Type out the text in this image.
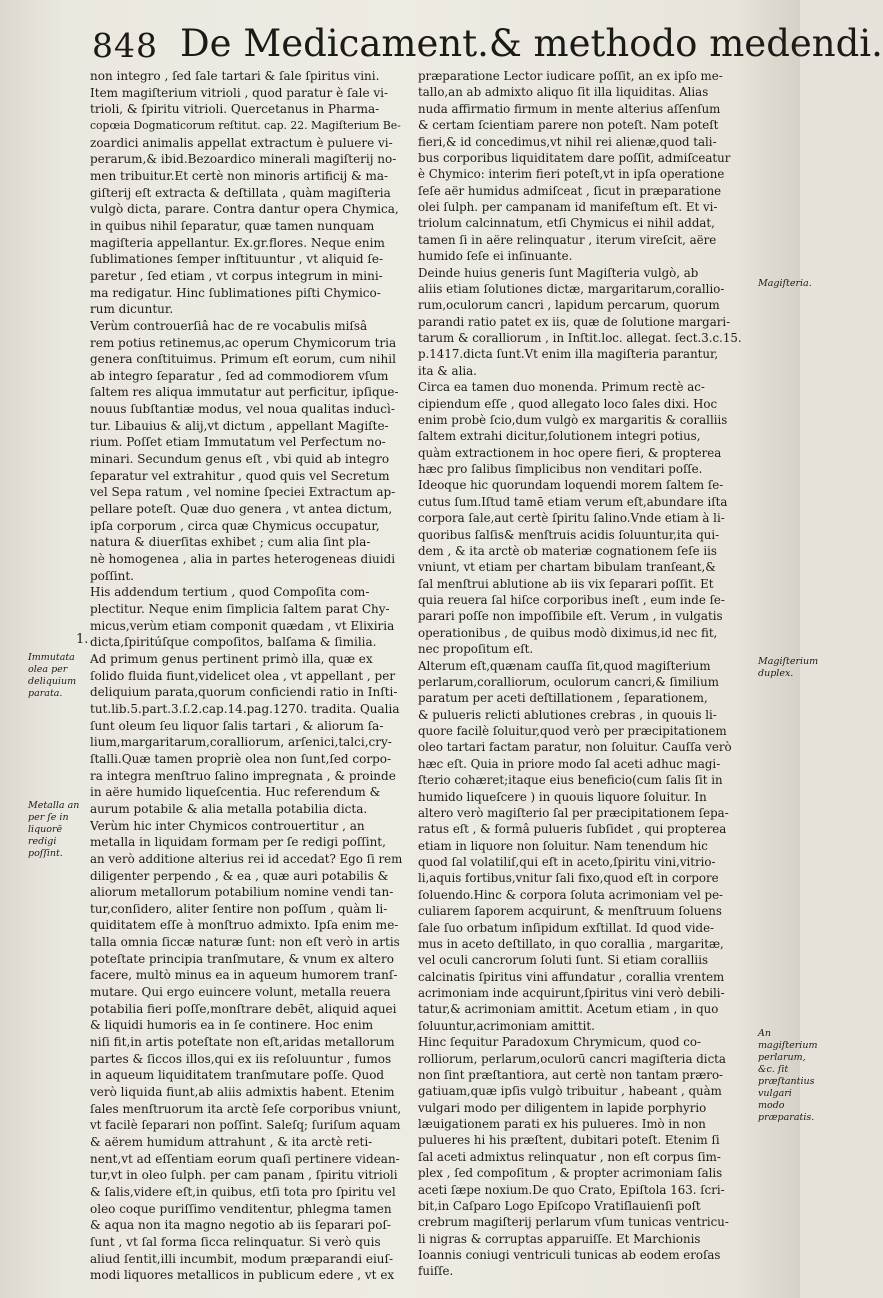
848 De Medicament.& methodo medendi.
non integro , ſed ſale tartari & ſale ſpiritus vini.
Item magiſterium vitrioli , quod paratur è ſale vi-
trioli, & ſpiritu vitrioli. Quercetanus in Pharma-
copœia Dogmaticorum reſtitut. cap. 22. Magiſterium Be-
zoardici animalis appellat extractum è puluere vi-
perarum,& ibid.Bezoardico minerali magiſterij no-
men tribuitur.Et certè non minoris artificij & ma-
giſterij eſt extracta & deſtillata , quàm magiſteria
vulgò dicta, parare. Contra dantur opera Chymica,
in quibus nihil ſeparatur, quæ tamen nunquam
magiſteria appellantur. Ex.gr.flores. Neque enim
ſublimationes ſemper inſtituuntur , vt aliquid ſe-
paretur , ſed etiam , vt corpus integrum in mini-
ma redigatur. Hinc ſublimationes piſti Chymico-
rum dicuntur.
Verùm controuerſiâ hac de re vocabulis miſsâ
rem potius retinemus,ac operum Chymicorum tria
genera conſtituimus. Primum eſt eorum, cum nihil
ab integro ſeparatur , ſed ad commodiorem vſum
ſaltem res aliqua immutatur aut perficitur, ipſique-
nouus ſubſtantiæ modus, vel noua qualitas inducì-
tur. Libauius & alij,vt dictum , appellant Magiſte-
rium. Poſſet etiam Immutatum vel Perfectum no-
minari. Secundum genus eſt , vbi quid ab integro
ſeparatur vel extrahitur , quod quis vel Secretum
vel Sepa ratum , vel nomine ſpeciei Extractum ap-
pellare poteſt. Quæ duo genera , vt antea dictum,
ipſa corporum , circa quæ Chymicus occupatur,
natura & diuerſitas exhibet ; cum alia ſint pla-
nè homogenea , alia in partes heterogeneas diuidi
poſſint.
His addendum tertium , quod Compoſita com-
plectitur. Neque enim ſimplicia ſaltem parat Chy-
micus,verùm etiam componit quædam , vt Elixiria
dicta,ſpiritúſque compoſitos, balſama & ſimilia.
Ad primum genus pertinent primò illa, quæ ex
ſolido fluida fiunt,videlicet olea , vt appellant , per
deliquium parata,quorum conficiendi ratio in Inſti-
tut.lib.5.part.3.ſ.2.cap.14.pag.1270. tradita. Qualia
ſunt oleum ſeu liquor ſalis tartari , & aliorum ſa-
lium,margaritarum,coralliorum, arſenici,talci,cry-
ſtalli.Quæ tamen propriè olea non ſunt,ſed corpo-
ra integra menſtruo ſalino impregnata , & proinde
in aëre humido liqueſcentia. Huc referendum &
aurum potabile & alia metalla potabilia dicta.
Verùm hic inter Chymicos controuertitur , an
metalla in liquidam formam per ſe redigi poſſint,
an verò additione alterius rei id accedat? Ego ſi rem
diligenter perpendo , & ea , quæ auri potabilis &
aliorum metallorum potabilium nomine vendi tan-
tur,conſidero, aliter ſentire non poſſum , quàm li-
quiditatem eſſe à monſtruo admixto. Ipſa enim me-
talla omnia ſiccæ naturæ ſunt: non eſt verò in artis
poteſtate principia tranſmutare, & vnum ex altero
facere, multò minus ea in aqueum humorem tranſ-
mutare. Qui ergo euincere volunt, metalla reuera
potabilia fieri poſſe,monſtrare debēt, aliquid aquei
& liquidi humoris ea in ſe continere. Hoc enim
niſi fit,in artis poteſtate non eſt,aridas metallorum
partes & ſiccos illos,qui ex iis reſoluuntur , fumos
in aqueum liquiditatem tranſmutare poſſe. Quod
verò liquida fiunt,ab aliis admixtis habent. Etenim
ſales menſtruorum ita arctè ſeſe corporibus vniunt,
vt facilè ſeparari non poſſint. Saleſq; ſuriſum aquam
& aërem humidum attrahunt , & ita arctè reti-
nent,vt ad eſſentiam eorum quaſi pertinere videan-
tur,vt in oleo ſulph. per cam panam , ſpiritu vitrioli
& ſalis,videre eſt,in quibus, etſi tota pro ſpiritu vel
oleo coque puriſſimo venditentur, phlegma tamen
& aqua non ita magno negotio ab iis ſeparari poſ-
ſunt , vt ſal forma ſicca relinquatur. Si verò quis
aliud ſentit,illi incumbit, modum præparandi eiuſ-
modi liquores metallicos in publicum edere , vt ex
præparatione Lector iudicare poſſit, an ex ipſo me-
tallo,an ab admixto aliquo ſit illa liquiditas. Alias
nuda affirmatio firmum in mente alterius aſſenſum
& certam ſcientiam parere non poteſt. Nam poteſt
fieri,& id concedimus,vt nihil rei alienæ,quod tali-
bus corporibus liquiditatem dare poſſit, admiſceatur
è Chymico: interim fieri poteſt,vt in ipſa operatione
ſeſe aër humidus admiſceat , ſicut in præparatione
olei ſulph. per campanam id manifeſtum eſt. Et vi-
triolum calcinnatum, etſi Chymicus ei nihil addat,
tamen ſi in aëre relinquatur , iterum vireſcit, aëre
humido ſeſe ei inſinuante.
Deinde huius generis ſunt Magiſteria vulgò, ab
aliis etiam ſolutiones dictæ, margaritarum,corallio-
rum,oculorum cancri , lapidum percarum, quorum
parandi ratio patet ex iis, quæ de ſolutione margari-
tarum & coralliorum , in Inſtit.loc. allegat. ſect.3.c.15.
p.1417.dicta ſunt.Vt enim illa magiſteria parantur,
ita & alia.
Circa ea tamen duo monenda. Primum rectè ac-
cipiendum eſſe , quod allegato loco ſales dixi. Hoc
enim probè ſcio,dum vulgò ex margaritis & coralliis
ſaltem extrahi dicitur,ſolutionem integri potius,
quàm extractionem in hoc opere fieri, & propterea
hæc pro ſalibus ſimplicibus non venditari poſſe.
Ideoque hic quorundam loquendi morem ſaltem ſe-
cutus ſum.Iſtud tamē etiam verum eſt,abundare iſta
corpora ſale,aut certè ſpiritu ſalino.Vnde etiam à li-
quoribus ſalſis& menſtruis acidis ſoluuntur,ita qui-
dem , & ita arctè ob materiæ cognationem ſeſe iis
vniunt, vt etiam per chartam bibulam tranſeant,&
ſal menſtrui ablutione ab iis vix ſeparari poſſit. Et
quia reuera ſal hiſce corporibus ineſt , eum inde ſe-
parari poſſe non impoſſibile eſt. Verum , in vulgatis
operationibus , de quibus modò diximus,id nec fit,
nec propoſitum eſt.
Alterum eſt,quænam cauſſa ſit,quod magiſterium
perlarum,coralliorum, oculorum cancri,& ſimilium
paratum per aceti deſtillationem , ſeparationem,
& pulueris relicti ablutiones crebras , in quouis li-
quore facilè ſoluitur,quod verò per præcipitationem
oleo tartari factam paratur, non ſoluitur. Cauſſa verò
hæc eſt. Quia in priore modo ſal aceti adhuc magi-
ſterio cohæret;itaque eius beneficio(cum ſalis ſit in
humido liqueſcere ) in quouis liquore ſoluitur. In
altero verò magiſterio ſal per præcipitationem ſepa-
ratus eſt , & formâ pulueris ſubſidet , qui propterea
etiam in liquore non ſoluitur. Nam tenendum hic
quod ſal volatiliſ,qui eſt in aceto,ſpiritu vini,vitrio-
li,aquis fortibus,vnitur ſali fixo,quod eſt in corpore
ſoluendo.Hinc & corpora ſoluta acrimoniam vel pe-
culiarem ſaporem acquirunt, & menſtruum ſoluens
ſale ſuo orbatum inſipidum exſtillat. Id quod vide-
mus in aceto deſtillato, in quo corallia , margaritæ,
vel oculi cancrorum ſoluti ſunt. Si etiam coralliis
calcinatis ſpiritus vini affundatur , corallia vrentem
acrimoniam inde acquirunt,ſpiritus vini verò debili-
tatur,& acrimoniam amittit. Acetum etiam , in quo
ſoluuntur,acrimoniam amittit.
Hinc ſequitur Paradoxum Chrymicum, quod co-
rolliorum, perlarum,oculorū cancri magiſteria dicta
non ſint præſtantiora, aut certè non tantam præro-
gatiuam,quæ ipſis vulgò tribuitur , habeant , quàm
vulgari modo per diligentem in lapide porphyrio
læuigationem parati ex his pulueres. Imò in non
pulueres hi his præſtent, dubitari poteſt. Etenim ſi
ſal aceti admixtus relinquatur , non eſt corpus ſim-
plex , ſed compoſitum , & propter acrimoniam ſalis
aceti ſæpe noxium.De quo Crato, Epiſtola 163. ſcri-
bit,in Caſparo Logo Epiſcopo Vratiſlauienſi poſt
crebrum magiſterij perlarum vſum tunicas ventricu-
li nigras & corruptas apparuiſſe. Et Marchionis
Ioannis coniugi ventriculi tunicas ab eodem eroſas
fuiſſe.
1.
Immutata olea per deliquium parata.
Metalla an per ſe in liquorē redigi poſſint.
Magiſteria.
Magiſterium duplex.
An magiſterium perlarum, &c. ſit præſtantius vulgari modo præparatis.
